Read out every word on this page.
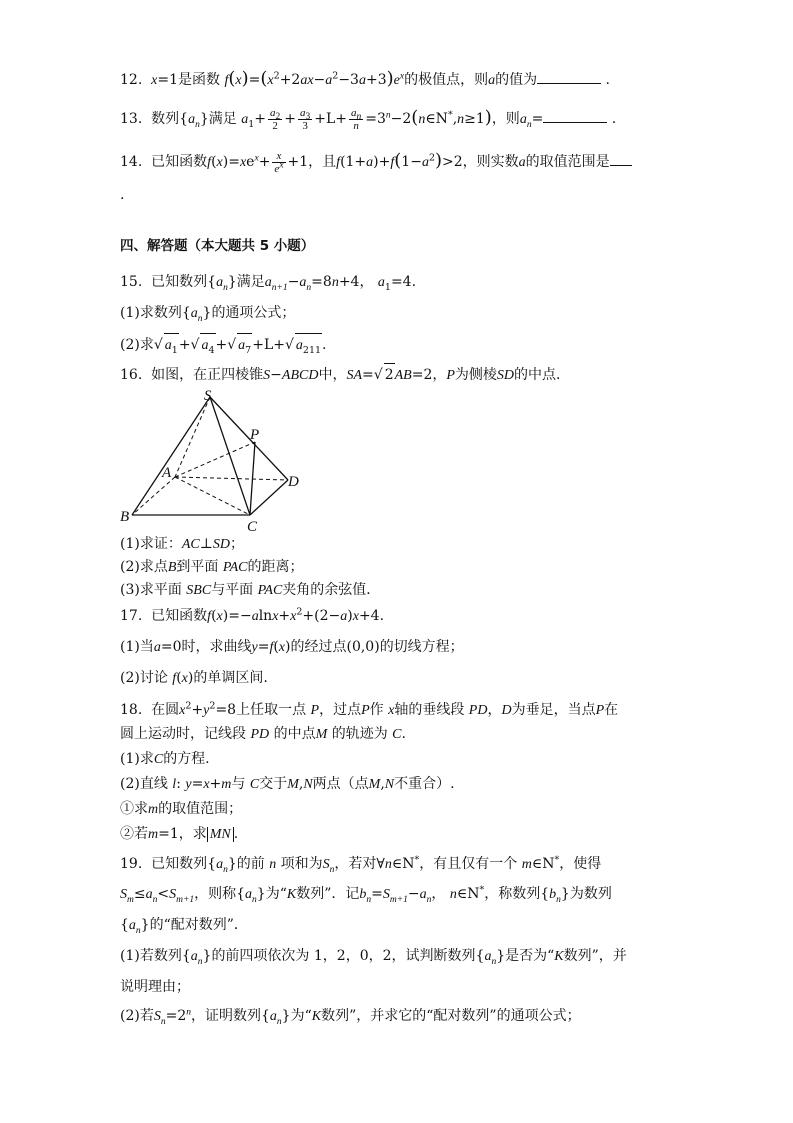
12. x=1是函数 $f(x)=(x^2+2ax-a^2-3a+3)e^x$的极值点，则a的值为	.
13. 数列$\{a_n\}$满足 $a_1+ \frac{a_2}{2} + \frac{a_3}{3} +L+ \frac{a_n}{n}$ $=3^n-2(n\in N^*,n\ge 1)$，则$a_n=$	.
14. 已知函数$f(x)=xe^x+ \frac{x}{e^x} +1$，且$f(1+a)+f(1-a^2)>2$，则实数a的取值范围是
.
四、解答题（本大题共 5 小题）
15. 已知数列$\{a_n\}$满足$a_{n+1}-a_n=8n+4$， $a_1=4$.
(1)求数列$\{a_n\}$的通项公式；
(2)求√ $a_1+√$ $a_4+√$ $a_7+L+√$ $a_{211}$.
16. 如图，在正四棱锥S−ABCD中，SA=√ 2AB=2，P为侧棱SD的中点．
S
P
A
D
B
C
(1)求证：AC⊥SD；
(2)求点B到平面 PAC的距离；
(3)求平面 SBC与平面 PAC夹角的余弦值．
17. 已知函数$f(x)=-alnx+x^2+(2-a)x+4$.
(1)当a=0时，求曲线y=f(x)的经过点(0,0)的切线方程；
(2)讨论 f(x)的单调区间.
18. 在圆$x^2+y^2=8$上任取一点 P，过点P作 x轴的垂线段 PD，D为垂足，当点P在
圆上运动时，记线段 PD 的中点M 的轨迹为 C.
(1)求C的方程.
(2)直线 l: y=x+m与 C交于M,N两点（点M,N不重合）.
①求m的取值范围；
②若m=1，求 MN .
19. 已知数列$\{a_n\}$的前 n 项和为$S_n$，若对∀n∈N*，有且仅有一个 m∈N*，使得
$S_m\le a_n<S_{m+1}$，则称$\{a_n\}$为“K数列”．记$b_n=S_{m+1}-a_n$， n∈N*，称数列$\{b_n\}$为数列
$\{a_n\}$的“配对数列”．
(1)若数列$\{a_n\}$的前四项依次为 1，2，0，2，试判断数列$\{a_n\}$是否为“K数列”，并
说明理由；
(2)若$S_n=2^n$，证明数列$\{a_n\}$为“K数列”，并求它的“配对数列”的通项公式；
